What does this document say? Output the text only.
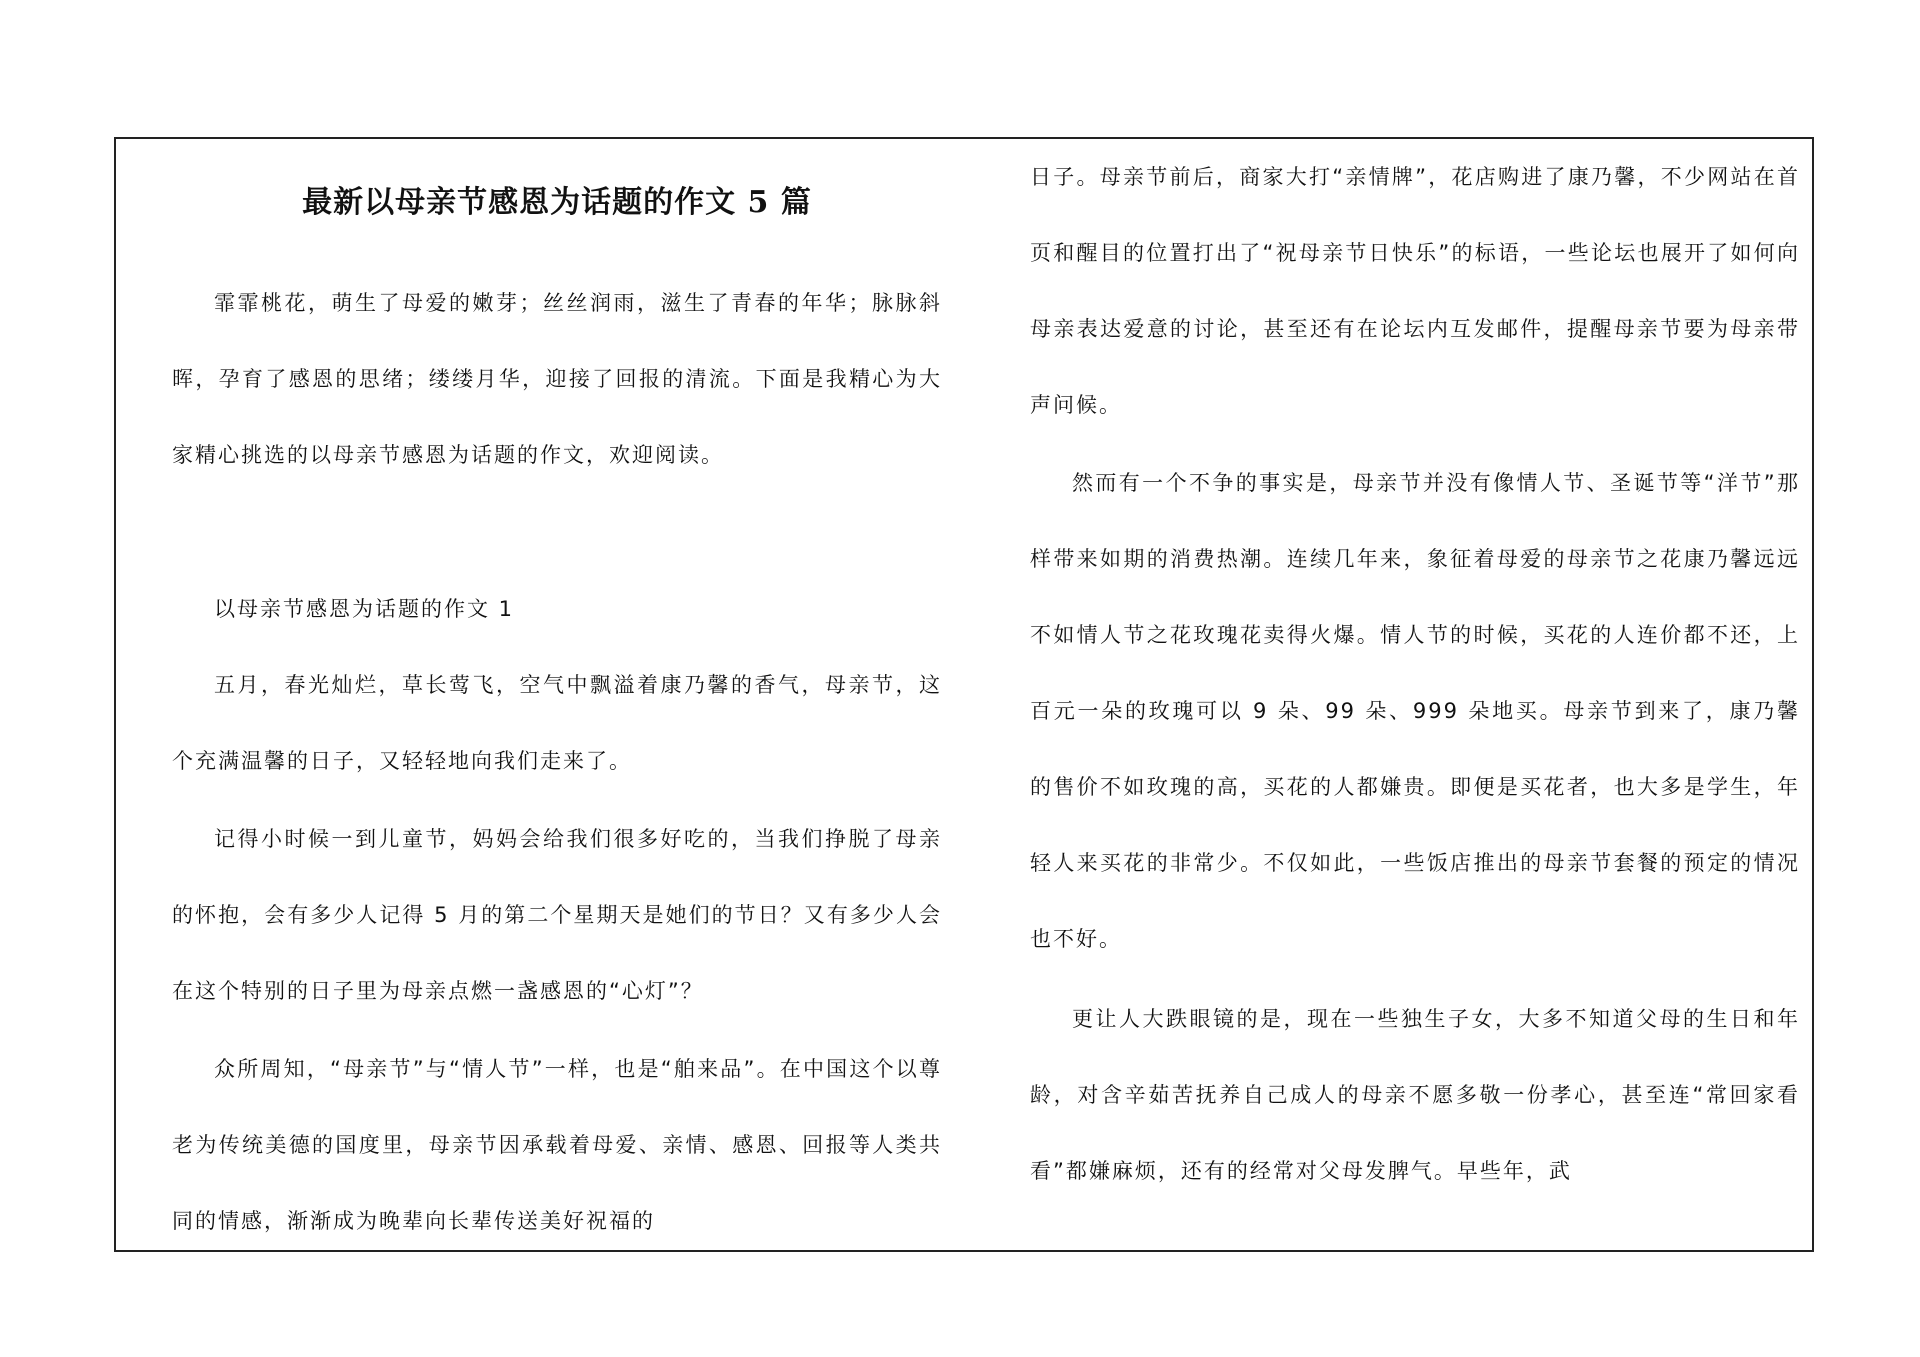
最新以母亲节感恩为话题的作文 5 篇

霏霏桃花，萌生了母爱的嫩芽；丝丝润雨，滋生了青春的年华；脉脉斜晖，孕育了感恩的思绪；缕缕月华，迎接了回报的清流。下面是我精心为大家精心挑选的以母亲节感恩为话题的作文，欢迎阅读。

以母亲节感恩为话题的作文 1

五月，春光灿烂，草长莺飞，空气中飘溢着康乃馨的香气，母亲节，这个充满温馨的日子，又轻轻地向我们走来了。

记得小时候一到儿童节，妈妈会给我们很多好吃的，当我们挣脱了母亲的怀抱，会有多少人记得 5 月的第二个星期天是她们的节日？又有多少人会在这个特别的日子里为母亲点燃一盏感恩的“心灯”？

众所周知，“母亲节”与“情人节”一样，也是“舶来品”。在中国这个以尊老为传统美德的国度里，母亲节因承载着母爱、亲情、感恩、回报等人类共同的情感，渐渐成为晚辈向长辈传送美好祝福的

日子。母亲节前后，商家大打“亲情牌”，花店购进了康乃馨，不少网站在首页和醒目的位置打出了“祝母亲节日快乐”的标语，一些论坛也展开了如何向母亲表达爱意的讨论，甚至还有在论坛内互发邮件，提醒母亲节要为母亲带声问候。

然而有一个不争的事实是，母亲节并没有像情人节、圣诞节等“洋节”那样带来如期的消费热潮。连续几年来，象征着母爱的母亲节之花康乃馨远远不如情人节之花玫瑰花卖得火爆。情人节的时候，买花的人连价都不还，上百元一朵的玫瑰可以 9 朵、99 朵、999 朵地买。母亲节到来了，康乃馨的售价不如玫瑰的高，买花的人都嫌贵。即便是买花者，也大多是学生，年轻人来买花的非常少。不仅如此，一些饭店推出的母亲节套餐的预定的情况也不好。

更让人大跌眼镜的是，现在一些独生子女，大多不知道父母的生日和年龄，对含辛茹苦抚养自己成人的母亲不愿多敬一份孝心，甚至连“常回家看看”都嫌麻烦，还有的经常对父母发脾气。早些年，武
